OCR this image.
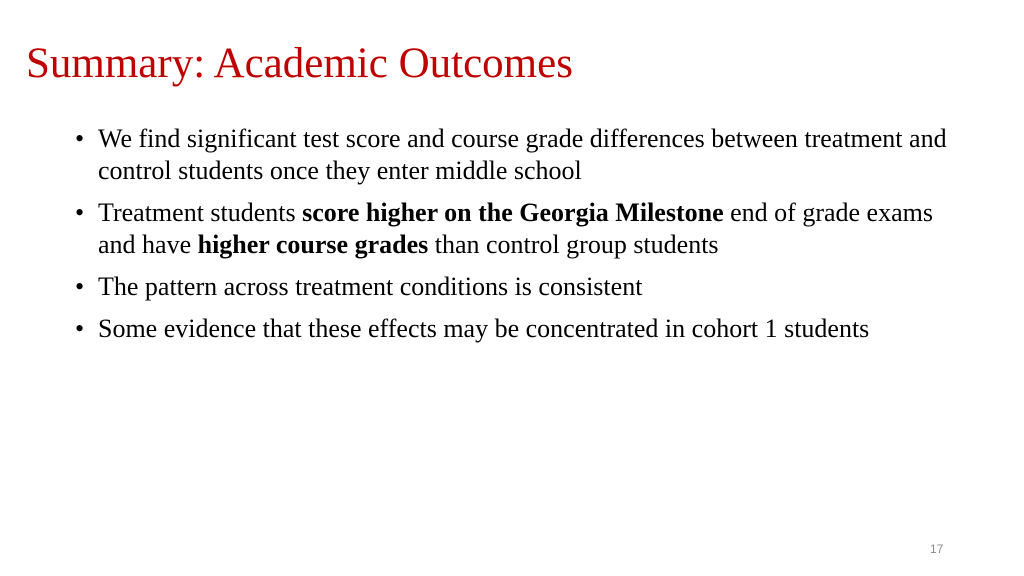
Summary: Academic Outcomes
• We find significant test score and course grade differences between treatment and control students once they enter middle school
• Treatment students score higher on the Georgia Milestone end of grade exams and have higher course grades than control group students
• The pattern across treatment conditions is consistent
• Some evidence that these effects may be concentrated in cohort 1 students
17
